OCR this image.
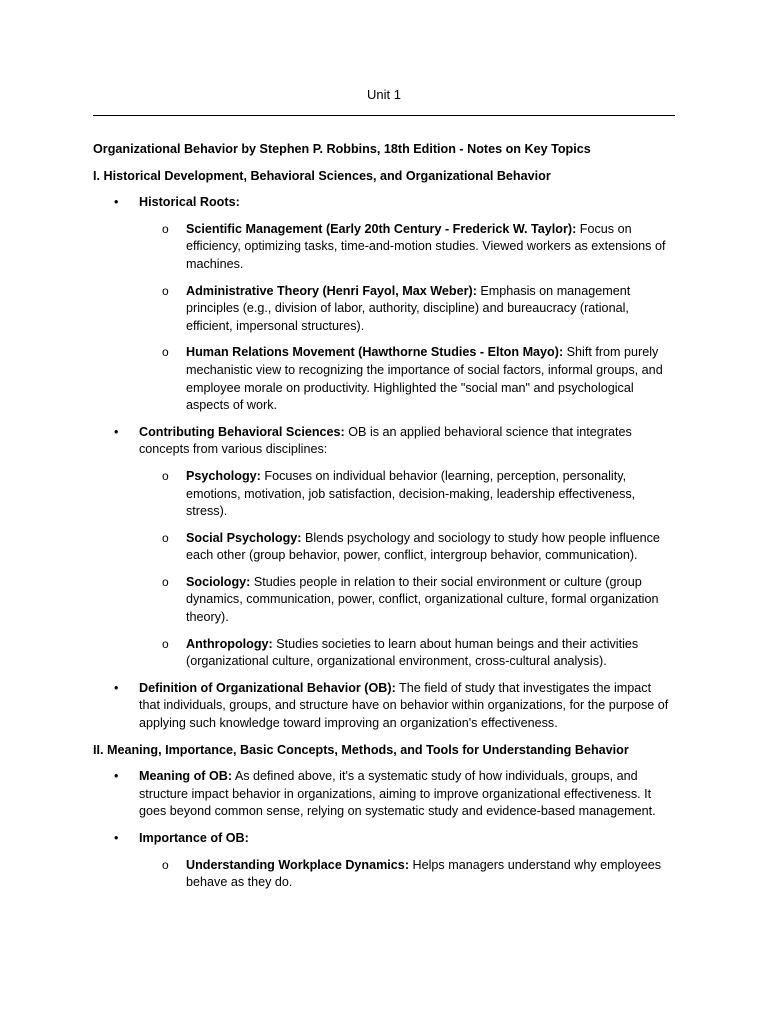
Unit 1

Organizational Behavior by Stephen P. Robbins, 18th Edition - Notes on Key Topics

I. Historical Development, Behavioral Sciences, and Organizational Behavior

• Historical Roots:
o Scientific Management (Early 20th Century - Frederick W. Taylor): Focus on efficiency, optimizing tasks, time-and-motion studies. Viewed workers as extensions of machines.
o Administrative Theory (Henri Fayol, Max Weber): Emphasis on management principles (e.g., division of labor, authority, discipline) and bureaucracy (rational, efficient, impersonal structures).
o Human Relations Movement (Hawthorne Studies - Elton Mayo): Shift from purely mechanistic view to recognizing the importance of social factors, informal groups, and employee morale on productivity. Highlighted the "social man" and psychological aspects of work.
• Contributing Behavioral Sciences: OB is an applied behavioral science that integrates concepts from various disciplines:
o Psychology: Focuses on individual behavior (learning, perception, personality, emotions, motivation, job satisfaction, decision-making, leadership effectiveness, stress).
o Social Psychology: Blends psychology and sociology to study how people influence each other (group behavior, power, conflict, intergroup behavior, communication).
o Sociology: Studies people in relation to their social environment or culture (group dynamics, communication, power, conflict, organizational culture, formal organization theory).
o Anthropology: Studies societies to learn about human beings and their activities (organizational culture, organizational environment, cross-cultural analysis).
• Definition of Organizational Behavior (OB): The field of study that investigates the impact that individuals, groups, and structure have on behavior within organizations, for the purpose of applying such knowledge toward improving an organization's effectiveness.

II. Meaning, Importance, Basic Concepts, Methods, and Tools for Understanding Behavior

• Meaning of OB: As defined above, it's a systematic study of how individuals, groups, and structure impact behavior in organizations, aiming to improve organizational effectiveness. It goes beyond common sense, relying on systematic study and evidence-based management.
• Importance of OB:
o Understanding Workplace Dynamics: Helps managers understand why employees behave as they do.
